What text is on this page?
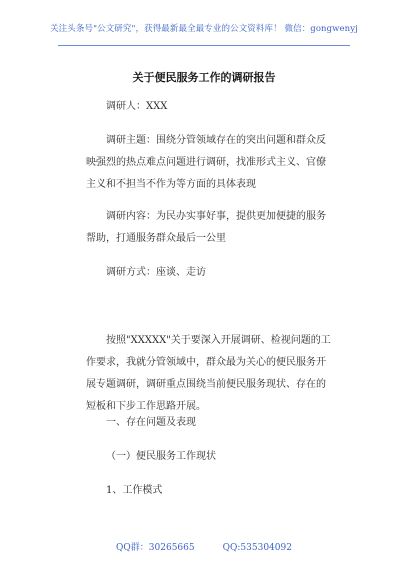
关注头条号"公文研究"，获得最新最全最专业的公文资料库！ 微信：gongwenyj
关于便民服务工作的调研报告

调研人：XXX

调研主题：围绕分管领域存在的突出问题和群众反映强烈的热点难点问题进行调研，找准形式主义、官僚主义和不担当不作为等方面的具体表现

调研内容：为民办实事好事，提供更加便捷的服务帮助，打通服务群众最后一公里

调研方式：座谈、走访

按照"XXXXX"关于要深入开展调研、检视问题的工作要求，我就分管领域中，群众最为关心的便民服务开展专题调研，调研重点围绕当前便民服务现状、存在的短板和下步工作思路开展。

一、存在问题及表现

（一）便民服务工作现状

1、工作模式

QQ群：30265665	QQ:535304092
